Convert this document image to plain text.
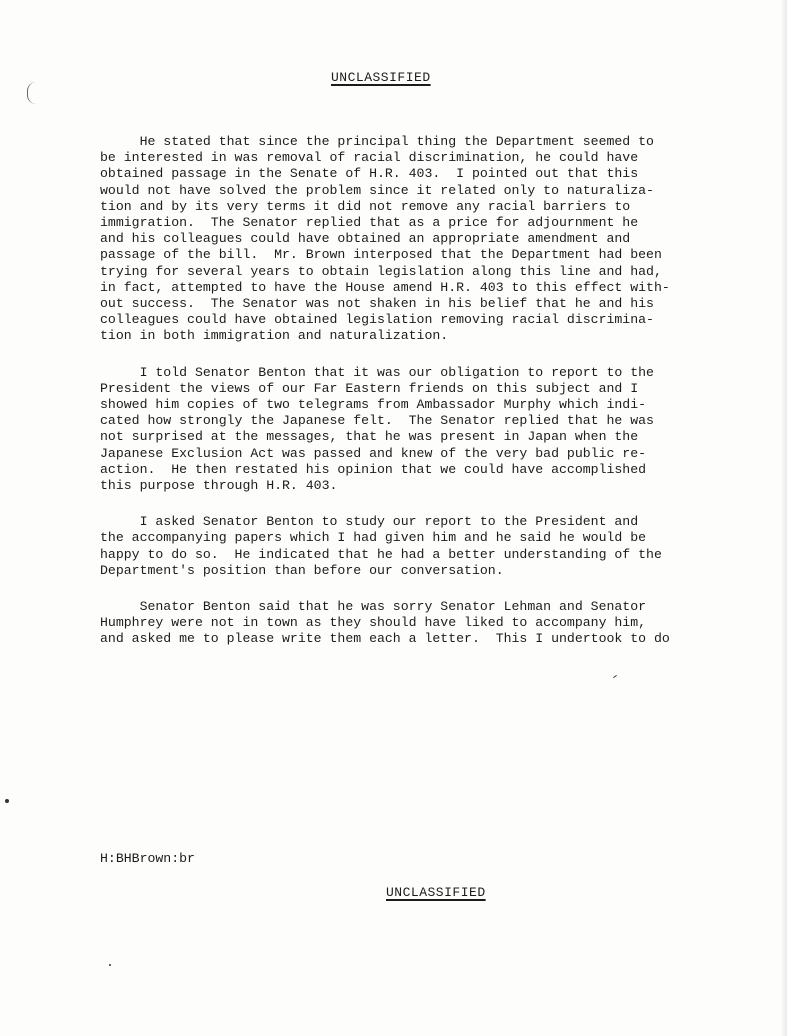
UNCLASSIFIED
He stated that since the principal thing the Department seemed to
be interested in was removal of racial discrimination, he could have
obtained passage in the Senate of H.R. 403.  I pointed out that this
would not have solved the problem since it related only to naturaliza-
tion and by its very terms it did not remove any racial barriers to
immigration.  The Senator replied that as a price for adjournment he
and his colleagues could have obtained an appropriate amendment and
passage of the bill.  Mr. Brown interposed that the Department had been
trying for several years to obtain legislation along this line and had,
in fact, attempted to have the House amend H.R. 403 to this effect with-
out success.  The Senator was not shaken in his belief that he and his
colleagues could have obtained legislation removing racial discrimina-
tion in both immigration and naturalization.
I told Senator Benton that it was our obligation to report to the
President the views of our Far Eastern friends on this subject and I
showed him copies of two telegrams from Ambassador Murphy which indi-
cated how strongly the Japanese felt.  The Senator replied that he was
not surprised at the messages, that he was present in Japan when the
Japanese Exclusion Act was passed and knew of the very bad public re-
action.  He then restated his opinion that we could have accomplished
this purpose through H.R. 403.
I asked Senator Benton to study our report to the President and
the accompanying papers which I had given him and he said he would be
happy to do so.  He indicated that he had a better understanding of the
Department's position than before our conversation.
Senator Benton said that he was sorry Senator Lehman and Senator
Humphrey were not in town as they should have liked to accompany him,
and asked me to please write them each a letter.  This I undertook to do
H:BHBrown:br
UNCLASSIFIED
